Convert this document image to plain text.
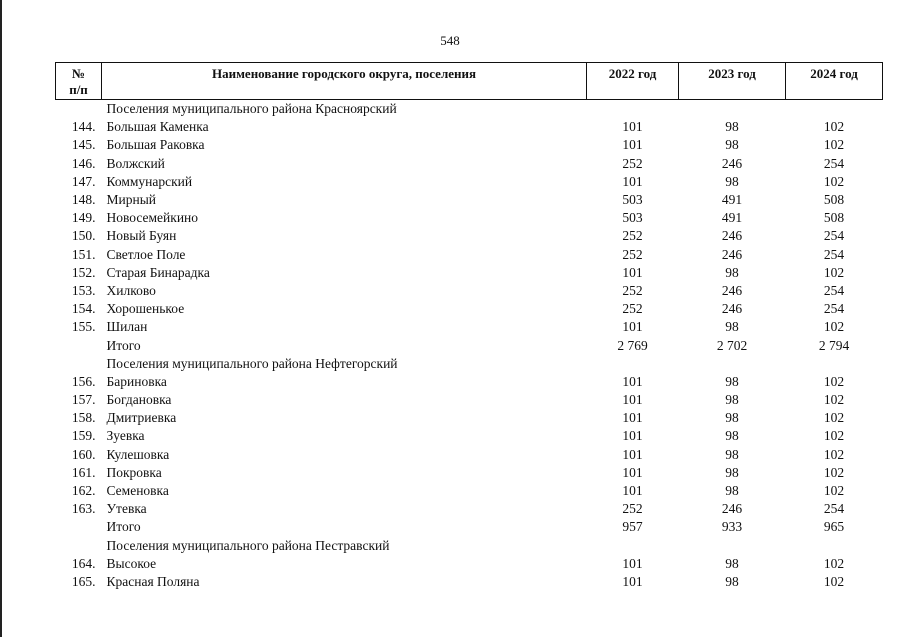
548
№
п/п	Наименование городского округа, поселения	2022 год	2023 год	2024 год
	Поселения муниципального района Красноярский			
144.	Большая Каменка	101	98	102
145.	Большая Раковка	101	98	102
146.	Волжский	252	246	254
147.	Коммунарский	101	98	102
148.	Мирный	503	491	508
149.	Новосемейкино	503	491	508
150.	Новый Буян	252	246	254
151.	Светлое Поле	252	246	254
152.	Старая Бинарадка	101	98	102
153.	Хилково	252	246	254
154.	Хорошенькое	252	246	254
155.	Шилан	101	98	102
	Итого	2 769	2 702	2 794
	Поселения муниципального района Нефтегорский			
156.	Бариновка	101	98	102
157.	Богдановка	101	98	102
158.	Дмитриевка	101	98	102
159.	Зуевка	101	98	102
160.	Кулешовка	101	98	102
161.	Покровка	101	98	102
162.	Семеновка	101	98	102
163.	Утевка	252	246	254
	Итого	957	933	965
	Поселения муниципального района Пестравский			
164.	Высокое	101	98	102
165.	Красная Поляна	101	98	102
